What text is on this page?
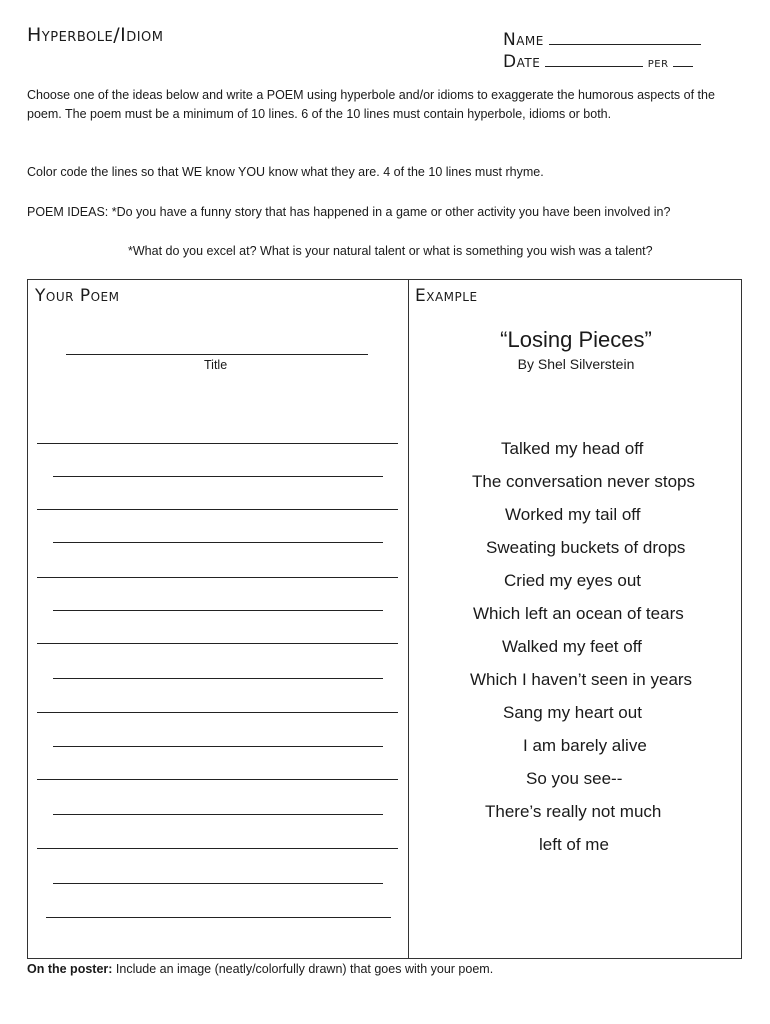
Hyperbole/Idiom	Name
Date	per

Choose one of the ideas below and write a POEM using hyperbole and/or idioms to exaggerate the humorous aspects of the poem. The poem must be a minimum of 10 lines. 6 of the 10 lines must contain hyperbole, idioms or both.

Color code the lines so that WE know YOU know what they are. 4 of the 10 lines must rhyme.

POEM IDEAS: *Do you have a funny story that has happened in a game or other activity you have been involved in?

*What do you excel at? What is your natural talent or what is something you wish was a talent?
Your Poem	Example
Title
“Losing Pieces”
By Shel Silverstein
Talked my head off
The conversation never stops
Worked my tail off
Sweating buckets of drops
Cried my eyes out
Which left an ocean of tears
Walked my feet off
Which I haven’t seen in years
Sang my heart out
I am barely alive
So you see--
There’s really not much
left of me
On the poster: Include an image (neatly/colorfully drawn) that goes with your poem.
